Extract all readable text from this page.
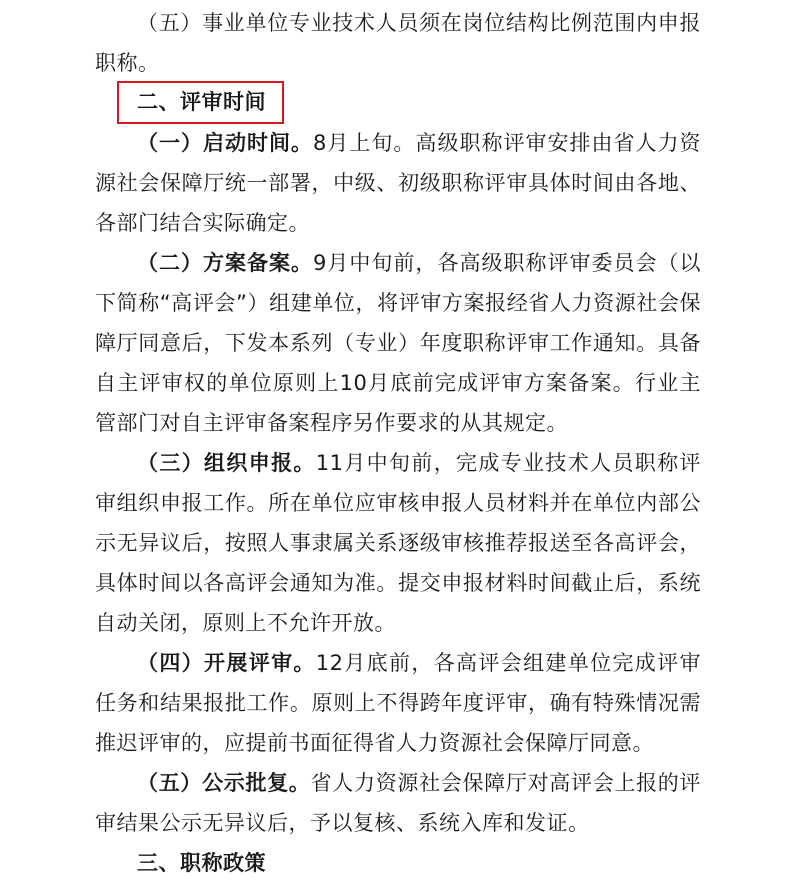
（五）事业单位专业技术人员须在岗位结构比例范围内申报职称。

二、评审时间

（一）启动时间。8月上旬。高级职称评审安排由省人力资源社会保障厅统一部署，中级、初级职称评审具体时间由各地、各部门结合实际确定。

（二）方案备案。9月中旬前，各高级职称评审委员会（以下简称“高评会”）组建单位，将评审方案报经省人力资源社会保障厅同意后，下发本系列（专业）年度职称评审工作通知。具备自主评审权的单位原则上10月底前完成评审方案备案。行业主管部门对自主评审备案程序另作要求的从其规定。

（三）组织申报。11月中旬前，完成专业技术人员职称评审组织申报工作。所在单位应审核申报人员材料并在单位内部公示无异议后，按照人事隶属关系逐级审核推荐报送至各高评会，具体时间以各高评会通知为准。提交申报材料时间截止后，系统自动关闭，原则上不允许开放。

（四）开展评审。12月底前，各高评会组建单位完成评审任务和结果报批工作。原则上不得跨年度评审，确有特殊情况需推迟评审的，应提前书面征得省人力资源社会保障厅同意。

（五）公示批复。省人力资源社会保障厅对高评会上报的评审结果公示无异议后，予以复核、系统入库和发证。

三、职称政策
